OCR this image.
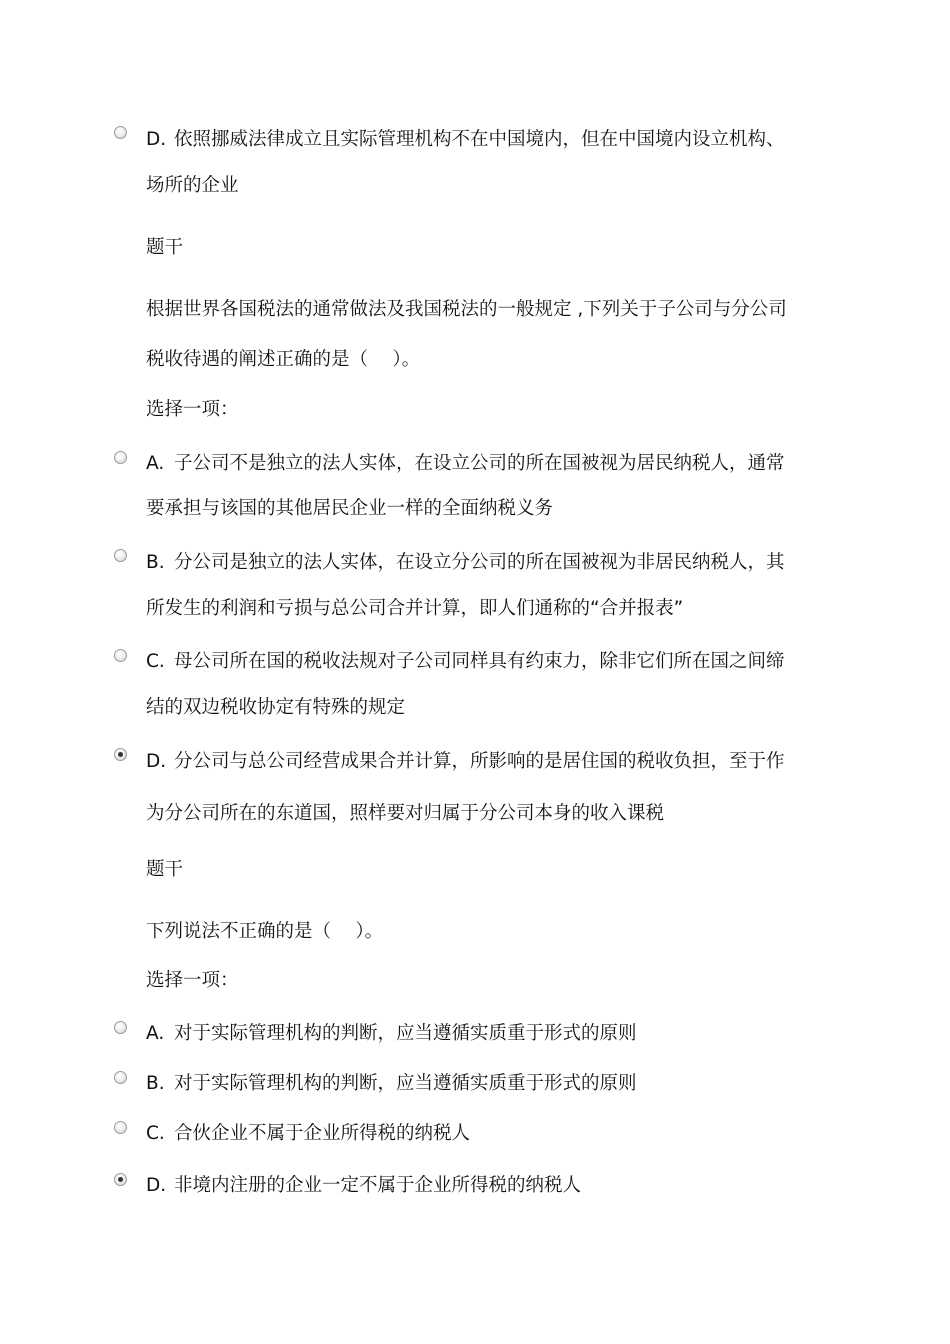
D. 依照挪威法律成立且实际管理机构不在中国境内，但在中国境内设立机构、
场所的企业
题干
根据世界各国税法的通常做法及我国税法的一般规定 ,下列关于子公司与分公司
税收待遇的阐述正确的是（　 ）。
选择一项：
A. 子公司不是独立的法人实体，在设立公司的所在国被视为居民纳税人，通常
要承担与该国的其他居民企业一样的全面纳税义务
B. 分公司是独立的法人实体，在设立分公司的所在国被视为非居民纳税人，其
所发生的利润和亏损与总公司合并计算，即人们通称的“合并报表”
C. 母公司所在国的税收法规对子公司同样具有约束力，除非它们所在国之间缔
结的双边税收协定有特殊的规定
D. 分公司与总公司经营成果合并计算，所影响的是居住国的税收负担，至于作
为分公司所在的东道国，照样要对归属于分公司本身的收入课税
题干
下列说法不正确的是（　 ）。
选择一项：
A. 对于实际管理机构的判断，应当遵循实质重于形式的原则
B. 对于实际管理机构的判断，应当遵循实质重于形式的原则
C. 合伙企业不属于企业所得税的纳税人
D. 非境内注册的企业一定不属于企业所得税的纳税人
